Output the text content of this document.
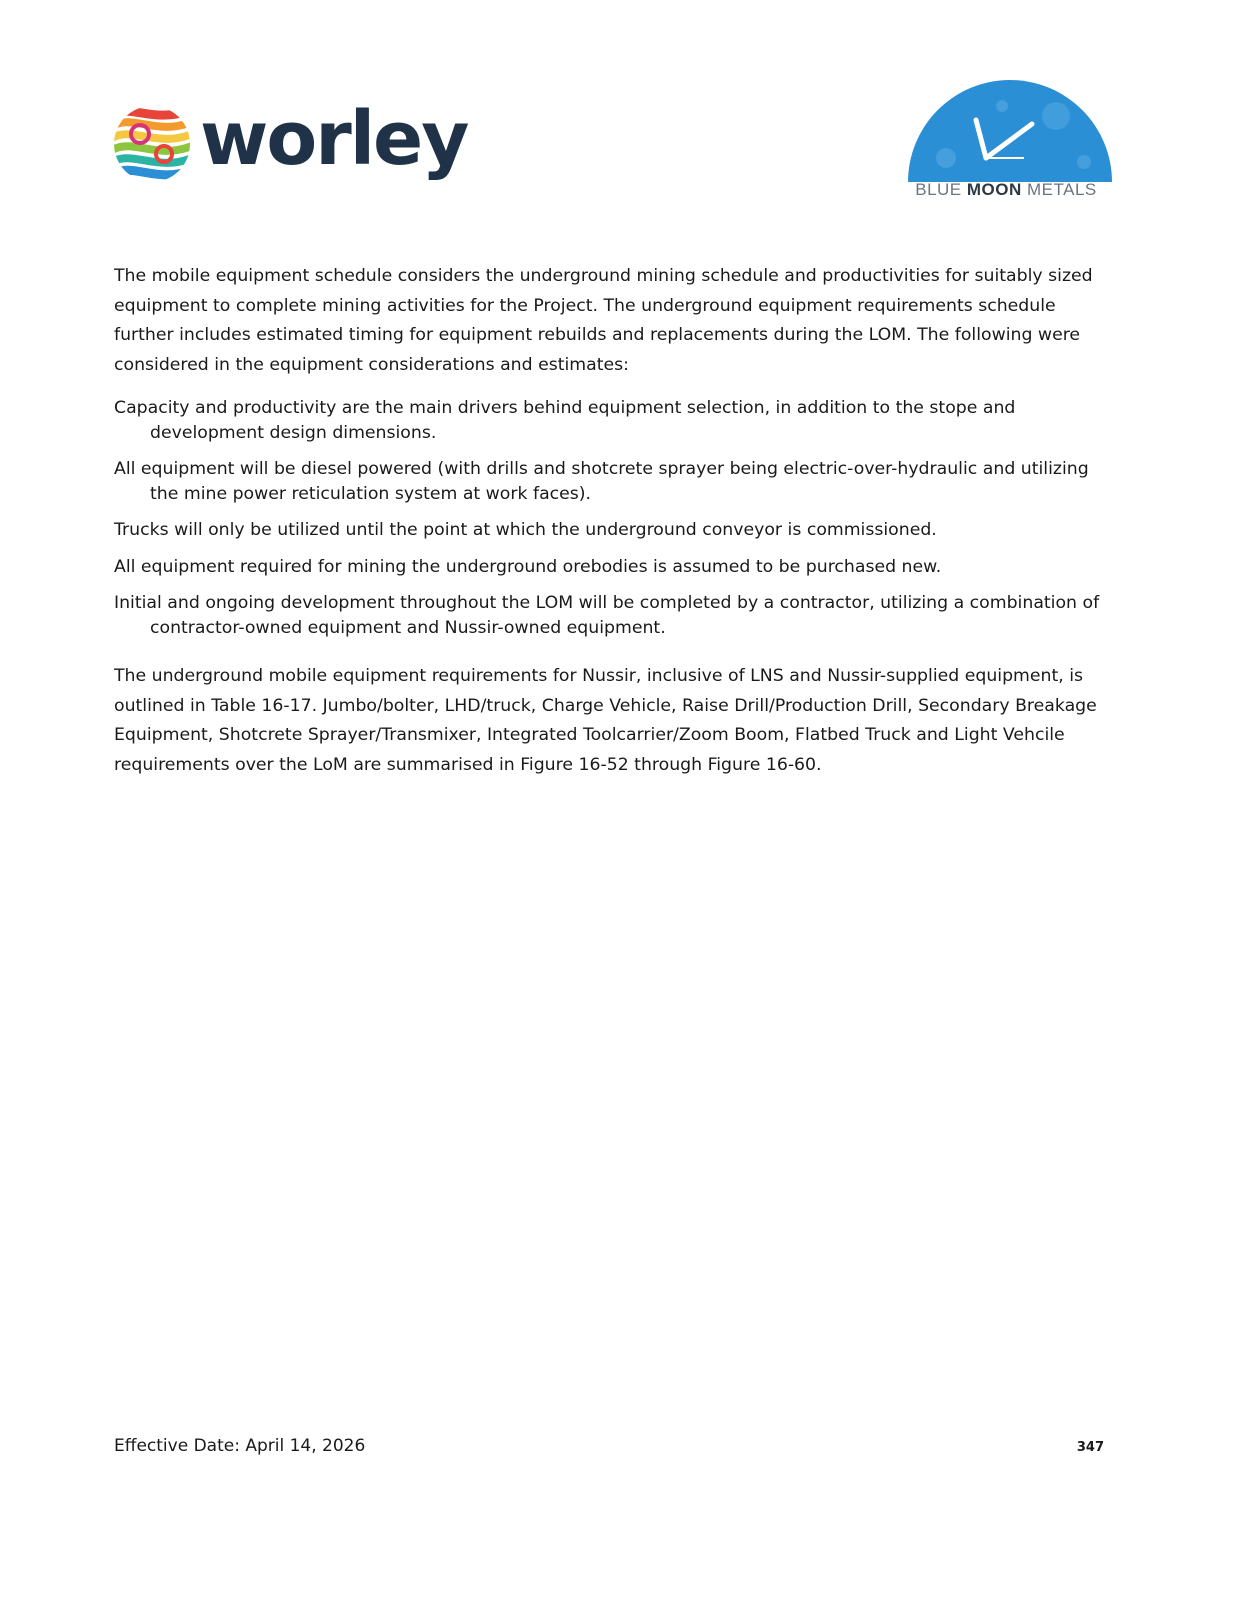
worley
BLUE MOON METALS

The mobile equipment schedule considers the underground mining schedule and productivities for suitably sized equipment to complete mining activities for the Project. The underground equipment requirements schedule further includes estimated timing for equipment rebuilds and replacements during the LOM. The following were considered in the equipment considerations and estimates:

Capacity and productivity are the main drivers behind equipment selection, in addition to the stope and development design dimensions.
All equipment will be diesel powered (with drills and shotcrete sprayer being electric-over-hydraulic and utilizing the mine power reticulation system at work faces).
Trucks will only be utilized until the point at which the underground conveyor is commissioned.
All equipment required for mining the underground orebodies is assumed to be purchased new.
Initial and ongoing development throughout the LOM will be completed by a contractor, utilizing a combination of contractor-owned equipment and Nussir-owned equipment.

The underground mobile equipment requirements for Nussir, inclusive of LNS and Nussir-supplied equipment, is outlined in Table 16-17. Jumbo/bolter, LHD/truck, Charge Vehicle, Raise Drill/Production Drill, Secondary Breakage Equipment, Shotcrete Sprayer/Transmixer, Integrated Toolcarrier/Zoom Boom, Flatbed Truck and Light Vehcile requirements over the LoM are summarised in Figure 16-52 through Figure 16-60.

Effective Date: April 14, 2026	347
